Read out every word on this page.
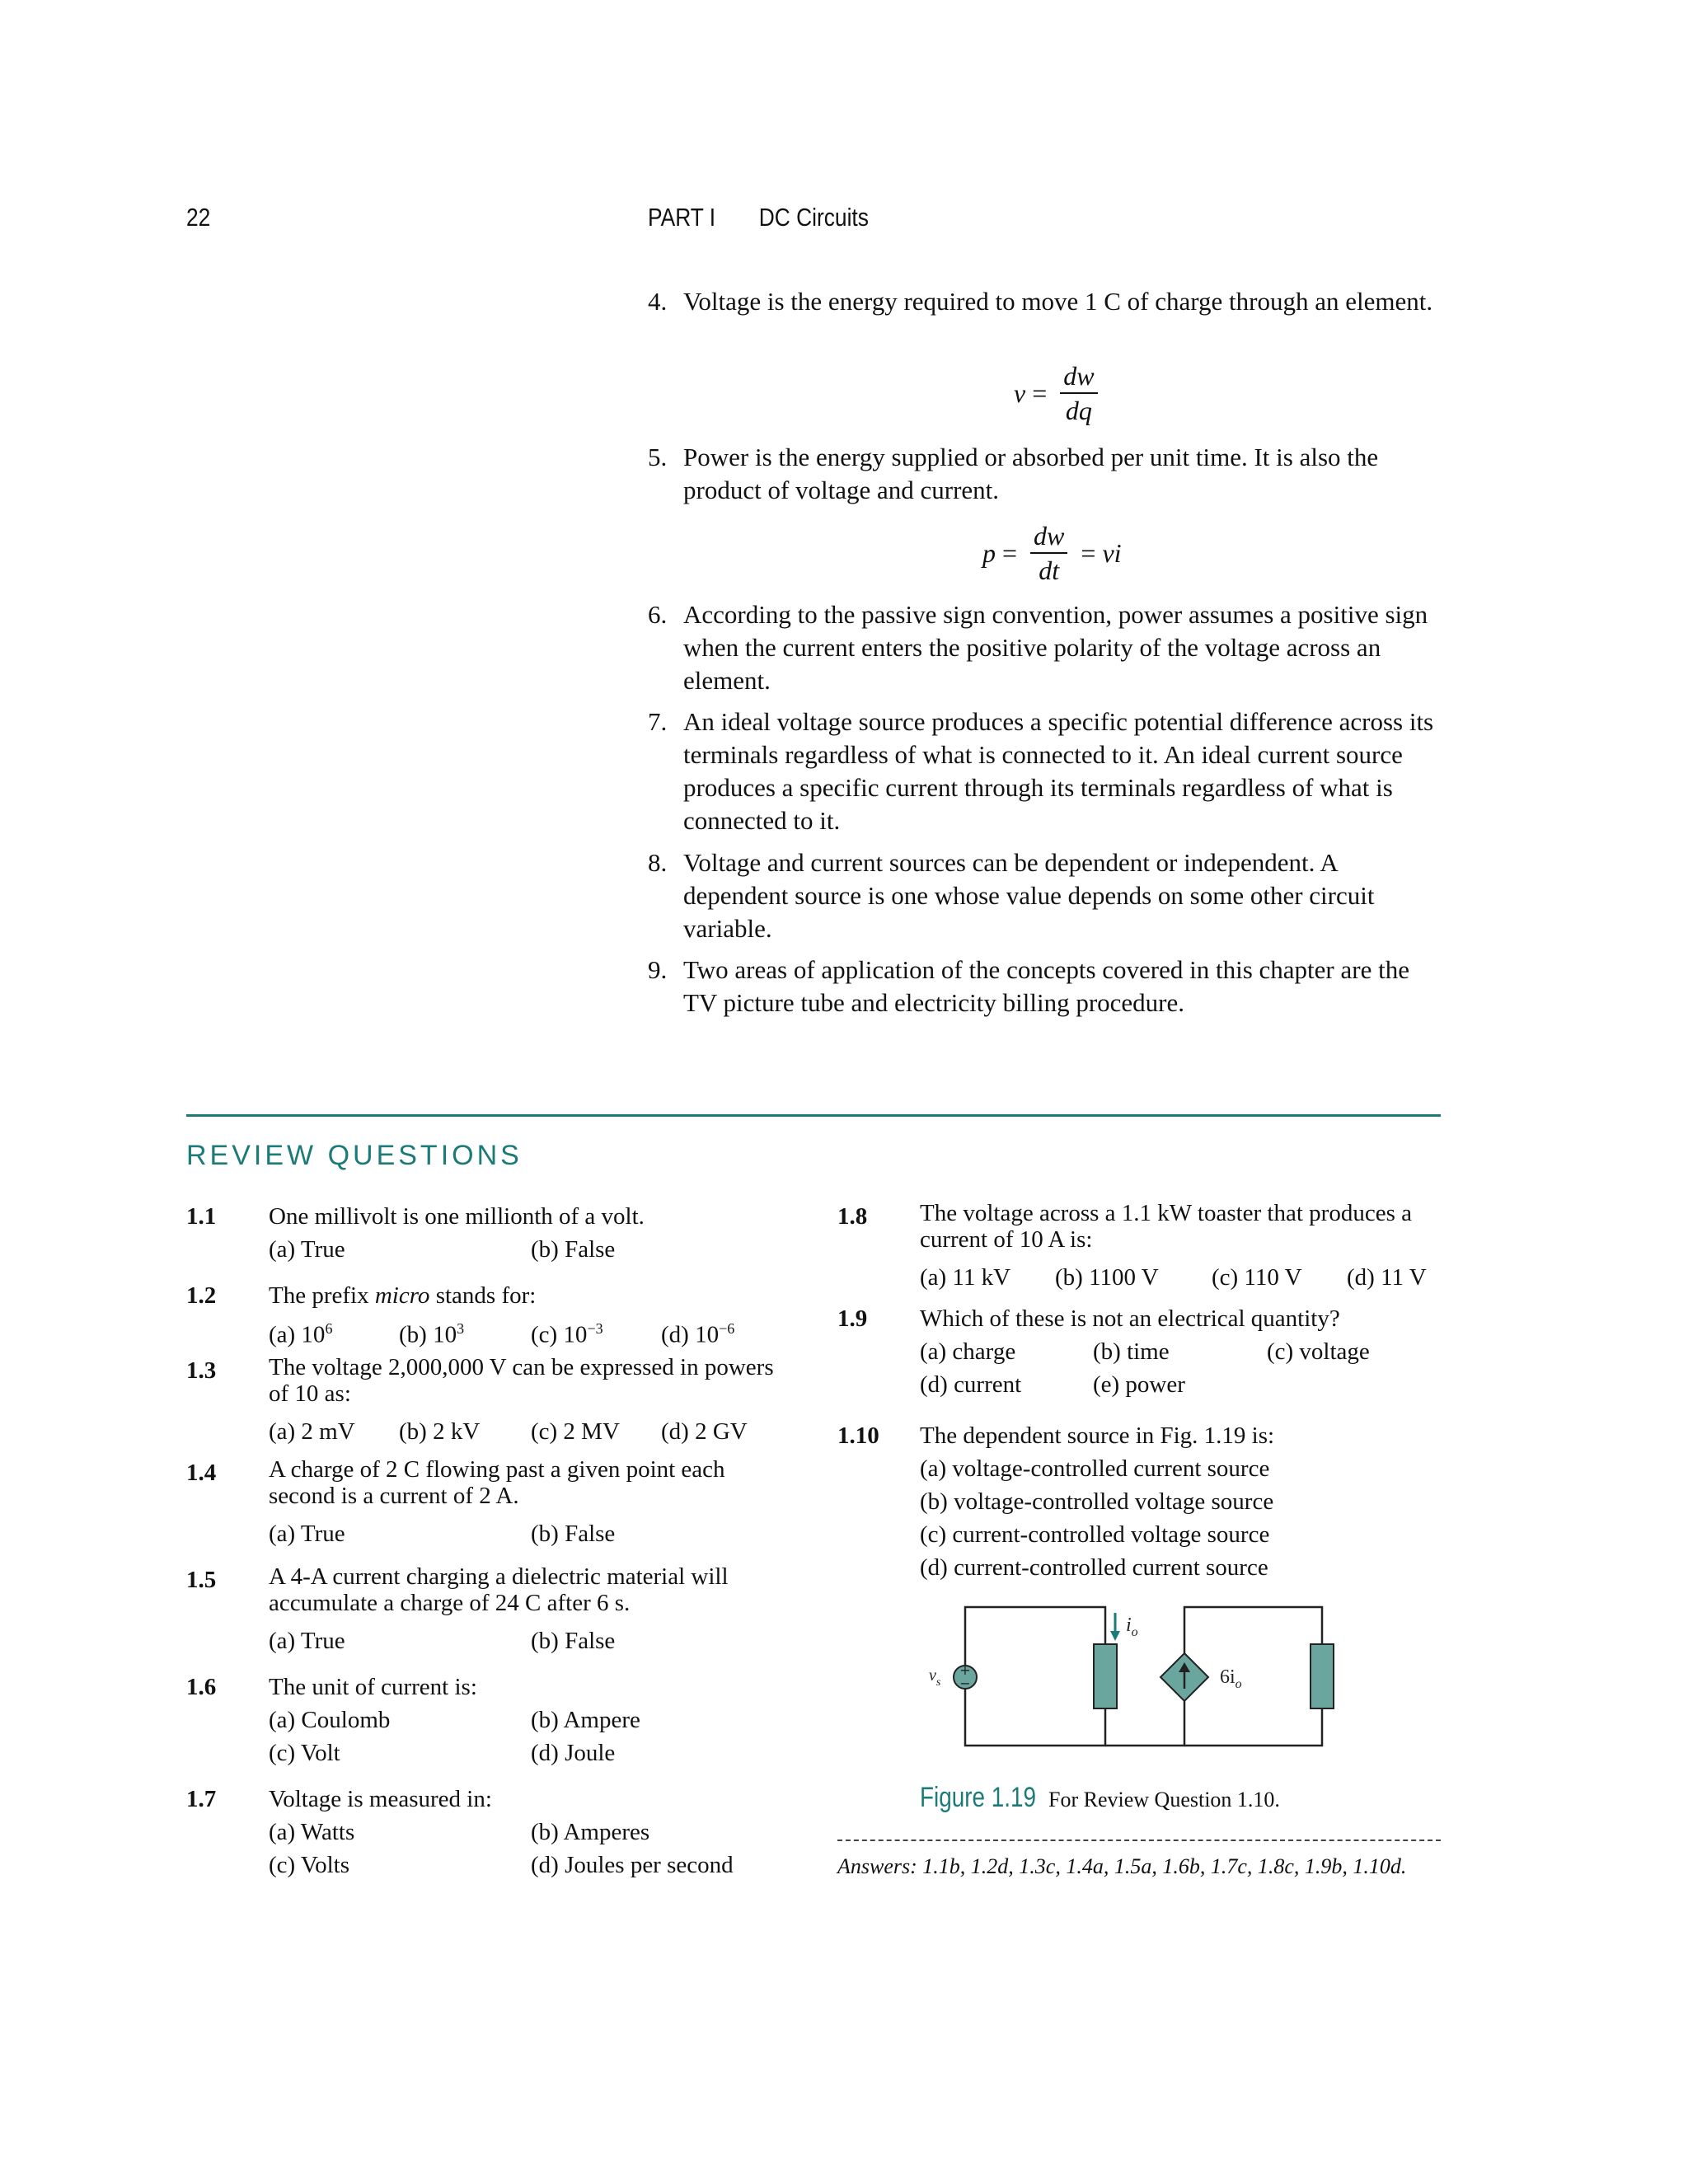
22	PART I DC Circuits
4. Voltage is the energy required to move 1 C of charge through an element.
$v = \frac{dw}{dq}$
5. Power is the energy supplied or absorbed per unit time. It is also the product of voltage and current.
$p = \frac{dw}{dt}$ = vi
6. According to the passive sign convention, power assumes a positive sign when the current enters the positive polarity of the voltage across an element.
7. An ideal voltage source produces a specific potential difference across its terminals regardless of what is connected to it. An ideal current source produces a specific current through its terminals regardless of what is connected to it.
8. Voltage and current sources can be dependent or independent. A dependent source is one whose value depends on some other circuit variable.
9. Two areas of application of the concepts covered in this chapter are the TV picture tube and electricity billing procedure.
REVIEW QUESTIONS
1.1 One millivolt is one millionth of a volt.
(a) True	(b) False
1.2 The prefix micro stands for:
(a) $10^6$	(b) $10^3$	(c) $10^{-3}$ (d) $10^{-6}$
1.3 The voltage 2,000,000 V can be expressed in powers
of 10 as:
(a) 2 mV (b) 2 kV (c) 2 MV (d) 2 GV
1.4 A charge of 2 C flowing past a given point each
second is a current of 2 A.
(a) True	(b) False
1.5 A 4-A current charging a dielectric material will
accumulate a charge of 24 C after 6 s.
(a) True	(b) False
1.6 The unit of current is:
(a) Coulomb	(b) Ampere
(c) Volt	(d) Joule
1.7 Voltage is measured in:
(a) Watts	(b) Amperes
(c) Volts	(d) Joules per second
1.8 The voltage across a 1.1 kW toaster that produces a
current of 10 A is:
(a) 11 kV (b) 1100 V (c) 110 V (d) 11 V
1.9 Which of these is not an electrical quantity?
(a) charge	(b) time	(c) voltage
(d) current	(e) power
1.10 The dependent source in Fig. 1.19 is:
(a) voltage-controlled current source
(b) voltage-controlled voltage source
(c) current-controlled voltage source
(d) current-controlled current source
+
−
$v_s$
$i_o$
$6i_o$
Figure 1.19 For Review Question 1.10.
Answers: 1.1b, 1.2d, 1.3c, 1.4a, 1.5a, 1.6b, 1.7c, 1.8c, 1.9b, 1.10d.
